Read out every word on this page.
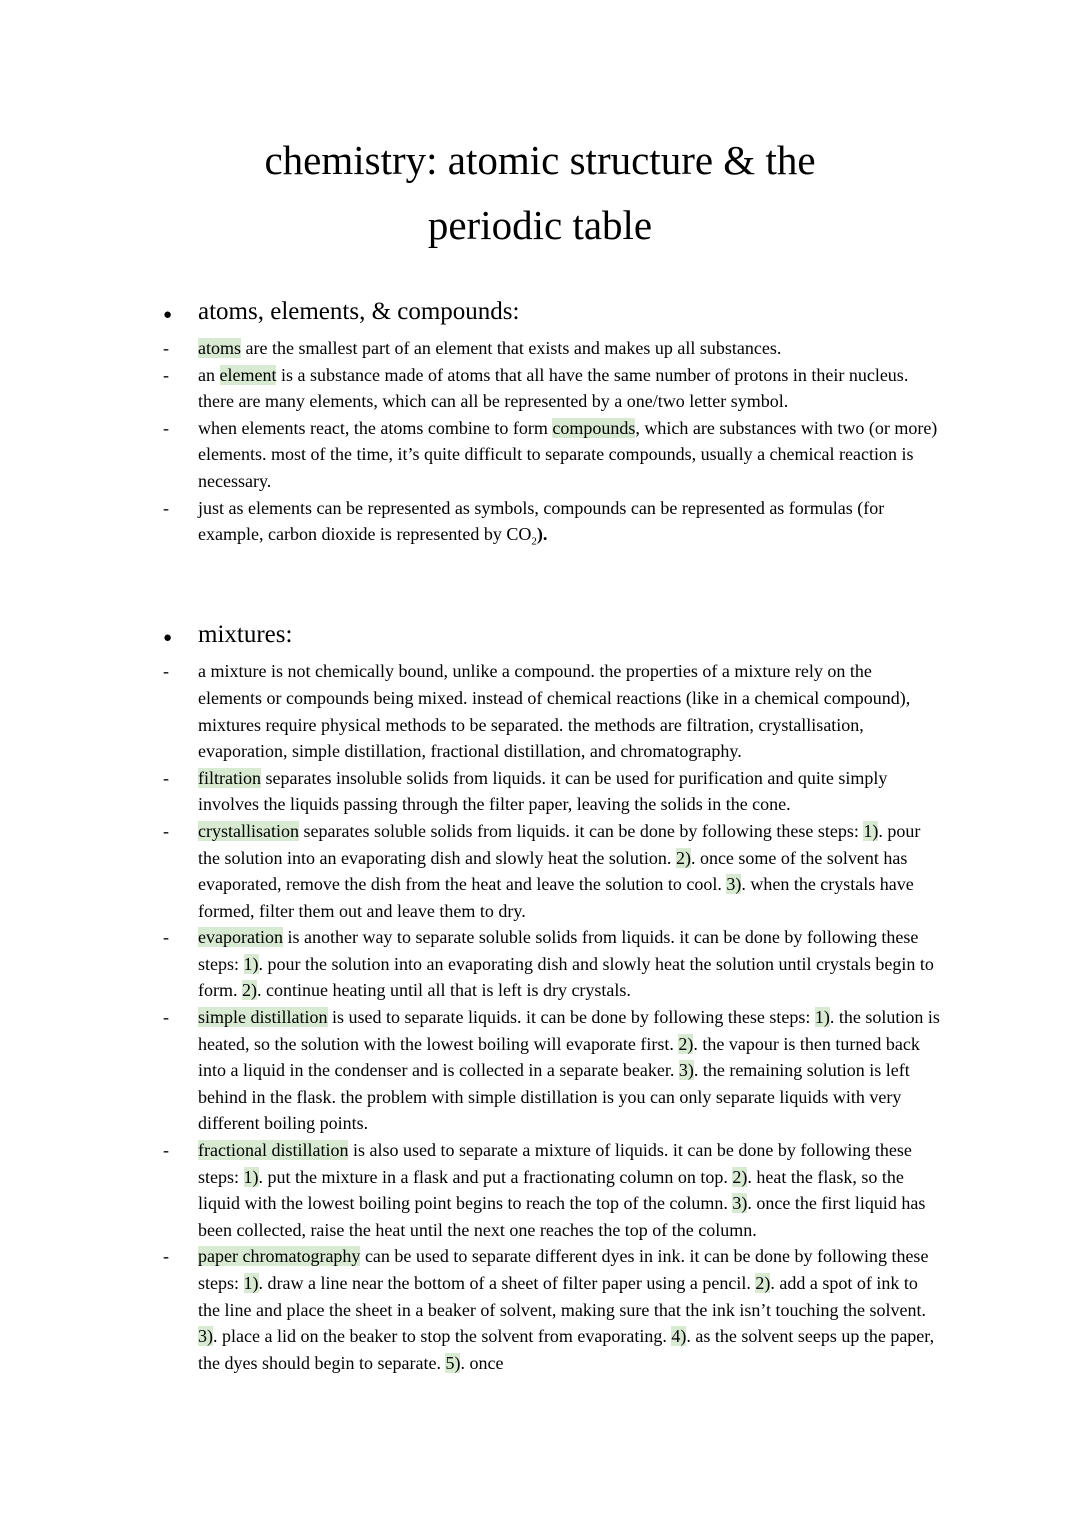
chemistry: atomic structure & the
periodic table
●	atoms, elements, & compounds:
-	atoms are the smallest part of an element that exists and makes up all substances.

-	an element is a substance made of atoms that all have the same number of protons in their nucleus. there are many elements, which can all be represented by a one/two letter symbol.

-	when elements react, the atoms combine to form compounds, which are substances with two (or more) elements. most of the time, it’s quite difficult to separate compounds, usually a chemical reaction is necessary.

-	just as elements can be represented as symbols, compounds can be represented as formulas (for example, carbon dioxide is represented by $CO_2$).

●	mixtures:
-	a mixture is not chemically bound, unlike a compound. the properties of a mixture rely on the elements or compounds being mixed. instead of chemical reactions (like in a chemical compound), mixtures require physical methods to be separated. the methods are filtration, crystallisation, evaporation, simple distillation, fractional distillation, and chromatography.

-	filtration separates insoluble solids from liquids. it can be used for purification and quite simply involves the liquids passing through the filter paper, leaving the solids in the cone.

-	crystallisation separates soluble solids from liquids. it can be done by following these steps: 1). pour the solution into an evaporating dish and slowly heat the solution. 2). once some of the solvent has evaporated, remove the dish from the heat and leave the solution to cool. 3). when the crystals have formed, filter them out and leave them to dry.

-	evaporation is another way to separate soluble solids from liquids. it can be done by following these steps: 1). pour the solution into an evaporating dish and slowly heat the solution until crystals begin to form. 2). continue heating until all that is left is dry crystals.

-	simple distillation is used to separate liquids. it can be done by following these steps: 1). the solution is heated, so the solution with the lowest boiling will evaporate first. 2). the vapour is then turned back into a liquid in the condenser and is collected in a separate beaker. 3). the remaining solution is left behind in the flask. the problem with simple distillation is you can only separate liquids with very different boiling points.

-	fractional distillation is also used to separate a mixture of liquids. it can be done by following these steps: 1). put the mixture in a flask and put a fractionating column on top. 2). heat the flask, so the liquid with the lowest boiling point begins to reach the top of the column. 3). once the first liquid has been collected, raise the heat until the next one reaches the top of the column.

-	paper chromatography can be used to separate different dyes in ink. it can be done by following these steps: 1). draw a line near the bottom of a sheet of filter paper using a pencil. 2). add a spot of ink to the line and place the sheet in a beaker of solvent, making sure that the ink isn’t touching the solvent. 3). place a lid on the beaker to stop the solvent from evaporating. 4). as the solvent seeps up the paper, the dyes should begin to separate. 5). once
